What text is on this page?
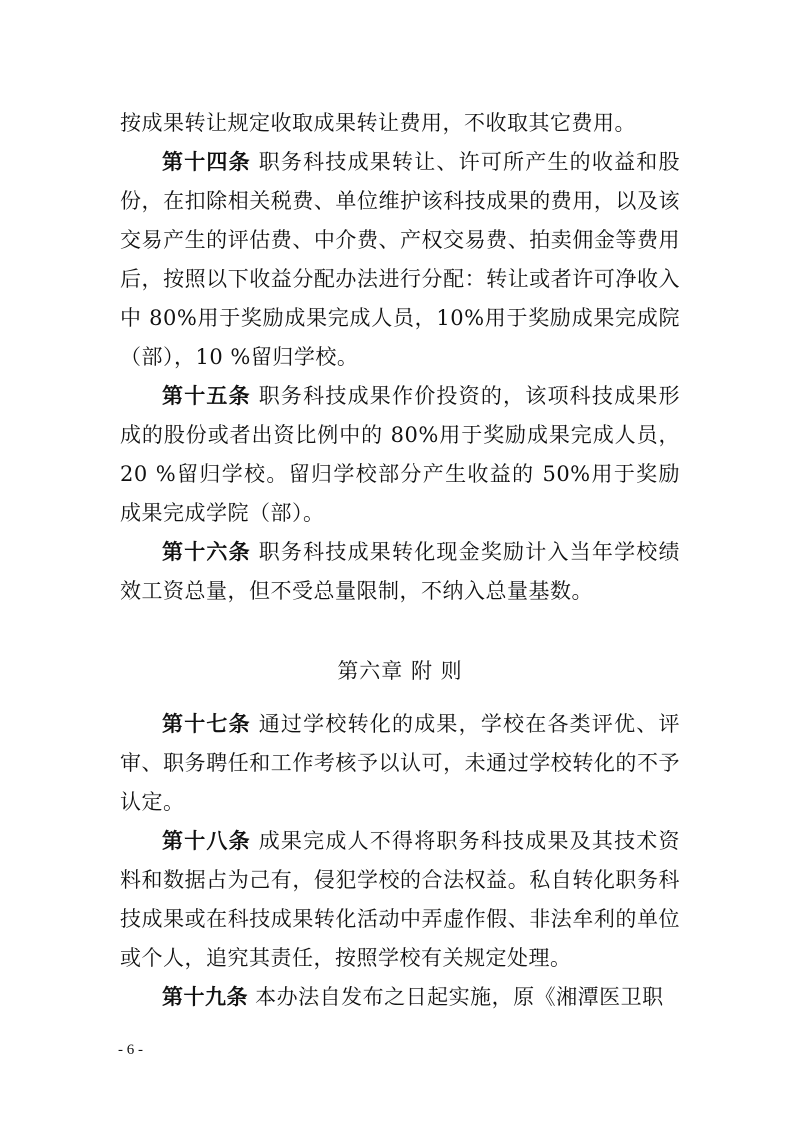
按成果转让规定收取成果转让费用，不收取其它费用。

第十四条 职务科技成果转让、许可所产生的收益和股份，在扣除相关税费、单位维护该科技成果的费用，以及该交易产生的评估费、中介费、产权交易费、拍卖佣金等费用后，按照以下收益分配办法进行分配：转让或者许可净收入中 80%用于奖励成果完成人员，10%用于奖励成果完成院（部），10 %留归学校。

第十五条 职务科技成果作价投资的，该项科技成果形成的股份或者出资比例中的 80%用于奖励成果完成人员，20 %留归学校。留归学校部分产生收益的 50%用于奖励成果完成学院（部）。

第十六条 职务科技成果转化现金奖励计入当年学校绩效工资总量，但不受总量限制，不纳入总量基数。

第六章 附 则

第十七条 通过学校转化的成果，学校在各类评优、评审、职务聘任和工作考核予以认可，未通过学校转化的不予认定。

第十八条 成果完成人不得将职务科技成果及其技术资料和数据占为己有，侵犯学校的合法权益。私自转化职务科技成果或在科技成果转化活动中弄虚作假、非法牟利的单位或个人，追究其责任，按照学校有关规定处理。

第十九条 本办法自发布之日起实施，原《湘潭医卫职

- 6 -
